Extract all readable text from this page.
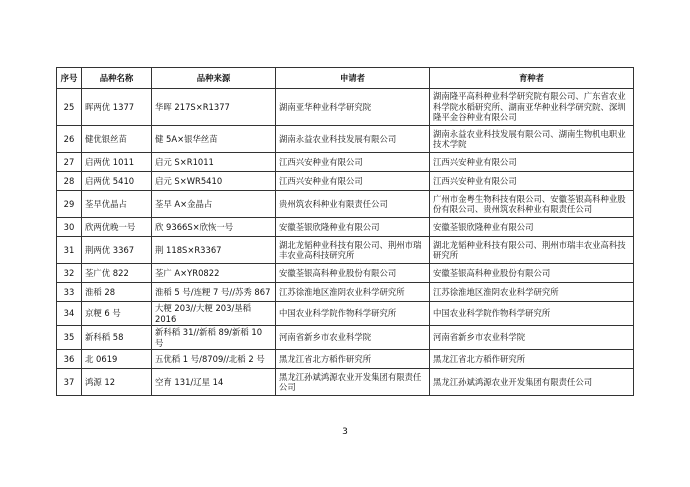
序号	品种名称	品种来源	申请者	育种者
25	晖两优 1377	华晖 217S×R1377	湖南亚华种业科学研究院	湖南隆平高科种业科学研究院有限公司、广东省农业科学院水稻研究所、湖南亚华种业科学研究院、深圳隆平金谷种业有限公司
26	健优银丝苗	健 5A×银华丝苗	湖南永益农业科技发展有限公司	湖南永益农业科技发展有限公司、湖南生物机电职业技术学院
27	启两优 1011	启元 S×R1011	江西兴安种业有限公司	江西兴安种业有限公司
28	启两优 5410	启元 S×WR5410	江西兴安种业有限公司	江西兴安种业有限公司
29	荃早优晶占	荃早 A×金晶占	贵州筑农科种业有限责任公司	广州市金粤生物科技有限公司、安徽荃银高科种业股份有限公司、贵州筑农科种业有限责任公司
30	欣两优晚一号	欣 9366S×欣恢一号	安徽荃银欣隆种业有限公司	安徽荃银欣隆种业有限公司
31	荆两优 3367	荆 118S×R3367	湖北龙韬种业科技有限公司、荆州市瑞丰农业高科技研究所	湖北龙韬种业科技有限公司、荆州市瑞丰农业高科技研究所
32	荃广优 822	荃广 A×YR0822	安徽荃银高科种业股份有限公司	安徽荃银高科种业股份有限公司
33	淮稻 28	淮稻 5 号/连粳 7 号//苏秀 867	江苏徐淮地区淮阴农业科学研究所	江苏徐淮地区淮阴农业科学研究所
34	京粳 6 号	大粳 203//大粳 203/垦稻 2016	中国农业科学院作物科学研究所	中国农业科学院作物科学研究所
35	新科稻 58	新科稻 31//新稻 89/新稻 10 号	河南省新乡市农业科学院	河南省新乡市农业科学院
36	北 0619	五优稻 1 号/8709//北稻 2 号	黑龙江省北方稻作研究所	黑龙江省北方稻作研究所
37	鸿源 12	空育 131/辽星 14	黑龙江孙斌鸿源农业开发集团有限责任公司	黑龙江孙斌鸿源农业开发集团有限责任公司
3
